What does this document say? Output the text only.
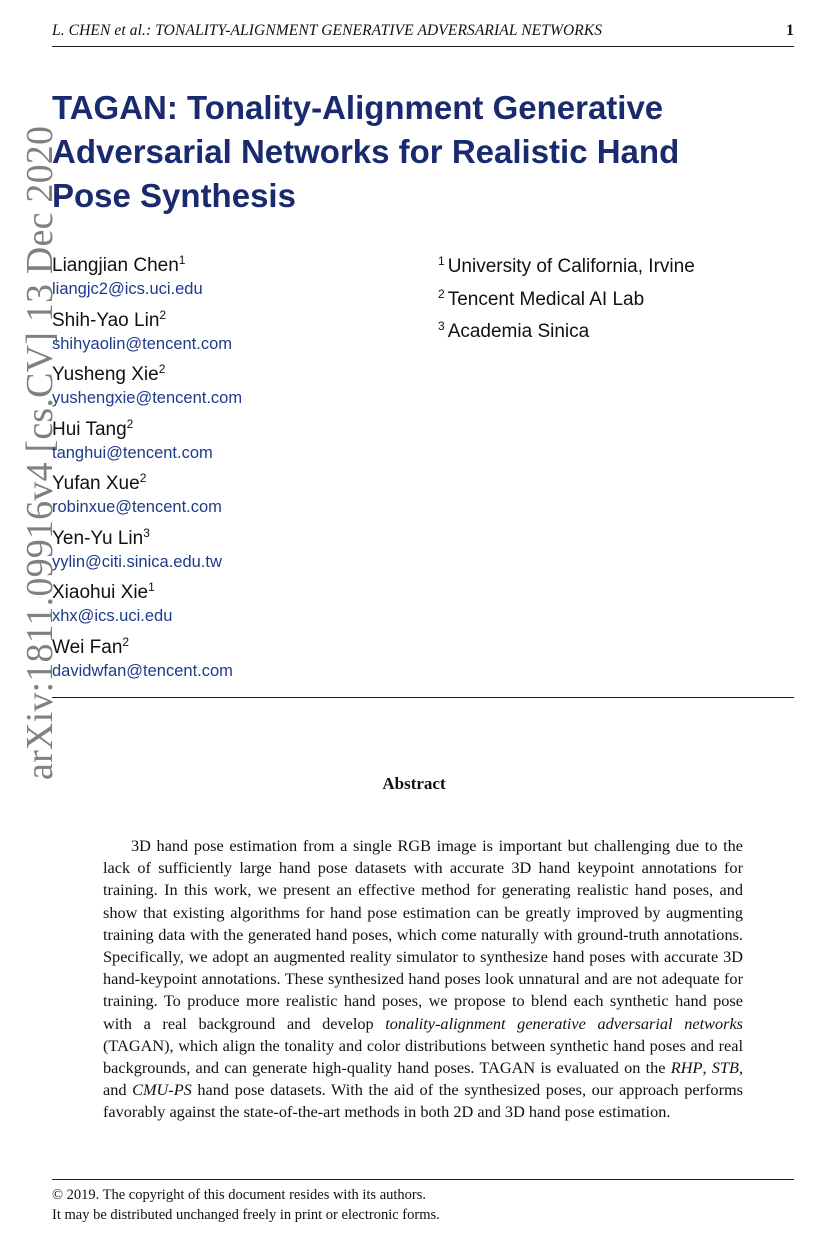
L. CHEN et al.: TONALITY-ALIGNMENT GENERATIVE ADVERSARIAL NETWORKS	1
arXiv:1811.09916v4 [cs.CV] 13 Dec 2020
TAGAN: Tonality-Alignment Generative Adversarial Networks for Realistic Hand Pose Synthesis
Liangjian Chen$^1$
liangjc2@ics.uci.edu
Shih-Yao Lin$^2$
shihyaolin@tencent.com
Yusheng Xie$^2$
yushengxie@tencent.com
Hui Tang$^2$
tanghui@tencent.com
Yufan Xue$^2$
robinxue@tencent.com
Yen-Yu Lin$^3$
yylin@citi.sinica.edu.tw
Xiaohui Xie$^1$
xhx@ics.uci.edu
Wei Fan$^2$
davidwfan@tencent.com
$^1$ University of California, Irvine
$^2$ Tencent Medical AI Lab
$^3$ Academia Sinica
Abstract

3D hand pose estimation from a single RGB image is important but challenging due to the lack of sufficiently large hand pose datasets with accurate 3D hand keypoint annotations for training. In this work, we present an effective method for generating realistic hand poses, and show that existing algorithms for hand pose estimation can be greatly improved by augmenting training data with the generated hand poses, which come naturally with ground-truth annotations. Specifically, we adopt an augmented reality simulator to synthesize hand poses with accurate 3D hand-keypoint annotations. These synthesized hand poses look unnatural and are not adequate for training. To produce more realistic hand poses, we propose to blend each synthetic hand pose with a real background and develop tonality-alignment generative adversarial networks (TAGAN), which align the tonality and color distributions between synthetic hand poses and real backgrounds, and can generate high-quality hand poses. TAGAN is evaluated on the RHP, STB, and CMU-PS hand pose datasets. With the aid of the synthesized poses, our approach performs favorably against the state-of-the-art methods in both 2D and 3D hand pose estimation.

© 2019. The copyright of this document resides with its authors.
It may be distributed unchanged freely in print or electronic forms.
